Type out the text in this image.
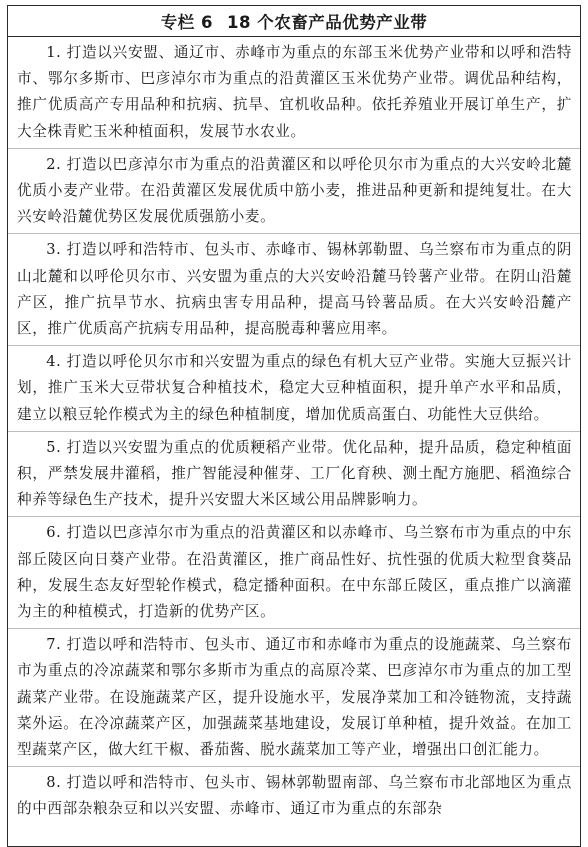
专栏 6 18 个农畜产品优势产业带
1. 打造以兴安盟、通辽市、赤峰市为重点的东部玉米优势产业带和以呼和浩特市、鄂尔多斯市、巴彦淖尔市为重点的沿黄灌区玉米优势产业带。调优品种结构，推广优质高产专用品种和抗病、抗旱、宜机收品种。依托养殖业开展订单生产，扩大全株青贮玉米种植面积，发展节水农业。
2. 打造以巴彦淖尔市为重点的沿黄灌区和以呼伦贝尔市为重点的大兴安岭北麓优质小麦产业带。在沿黄灌区发展优质中筋小麦，推进品种更新和提纯复壮。在大兴安岭沿麓优势区发展优质强筋小麦。
3. 打造以呼和浩特市、包头市、赤峰市、锡林郭勒盟、乌兰察布市为重点的阴山北麓和以呼伦贝尔市、兴安盟为重点的大兴安岭沿麓马铃薯产业带。在阴山沿麓产区，推广抗旱节水、抗病虫害专用品种，提高马铃薯品质。在大兴安岭沿麓产区，推广优质高产抗病专用品种，提高脱毒种薯应用率。
4. 打造以呼伦贝尔市和兴安盟为重点的绿色有机大豆产业带。实施大豆振兴计划，推广玉米大豆带状复合种植技术，稳定大豆种植面积，提升单产水平和品质，建立以粮豆轮作模式为主的绿色种植制度，增加优质高蛋白、功能性大豆供给。
5. 打造以兴安盟为重点的优质粳稻产业带。优化品种，提升品质，稳定种植面积，严禁发展井灌稻，推广智能浸种催芽、工厂化育秧、测土配方施肥、稻渔综合种养等绿色生产技术，提升兴安盟大米区域公用品牌影响力。
6. 打造以巴彦淖尔市为重点的沿黄灌区和以赤峰市、乌兰察布市为重点的中东部丘陵区向日葵产业带。在沿黄灌区，推广商品性好、抗性强的优质大粒型食葵品种，发展生态友好型轮作模式，稳定播种面积。在中东部丘陵区，重点推广以滴灌为主的种植模式，打造新的优势产区。
7. 打造以呼和浩特市、包头市、通辽市和赤峰市为重点的设施蔬菜、乌兰察布市为重点的冷凉蔬菜和鄂尔多斯市为重点的高原冷菜、巴彦淖尔市为重点的加工型蔬菜产业带。在设施蔬菜产区，提升设施水平，发展净菜加工和冷链物流，支持蔬菜外运。在冷凉蔬菜产区，加强蔬菜基地建设，发展订单种植，提升效益。在加工型蔬菜产区，做大红干椒、番茄酱、脱水蔬菜加工等产业，增强出口创汇能力。
8. 打造以呼和浩特市、包头市、锡林郭勒盟南部、乌兰察布市北部地区为重点的中西部杂粮杂豆和以兴安盟、赤峰市、通辽市为重点的东部杂
